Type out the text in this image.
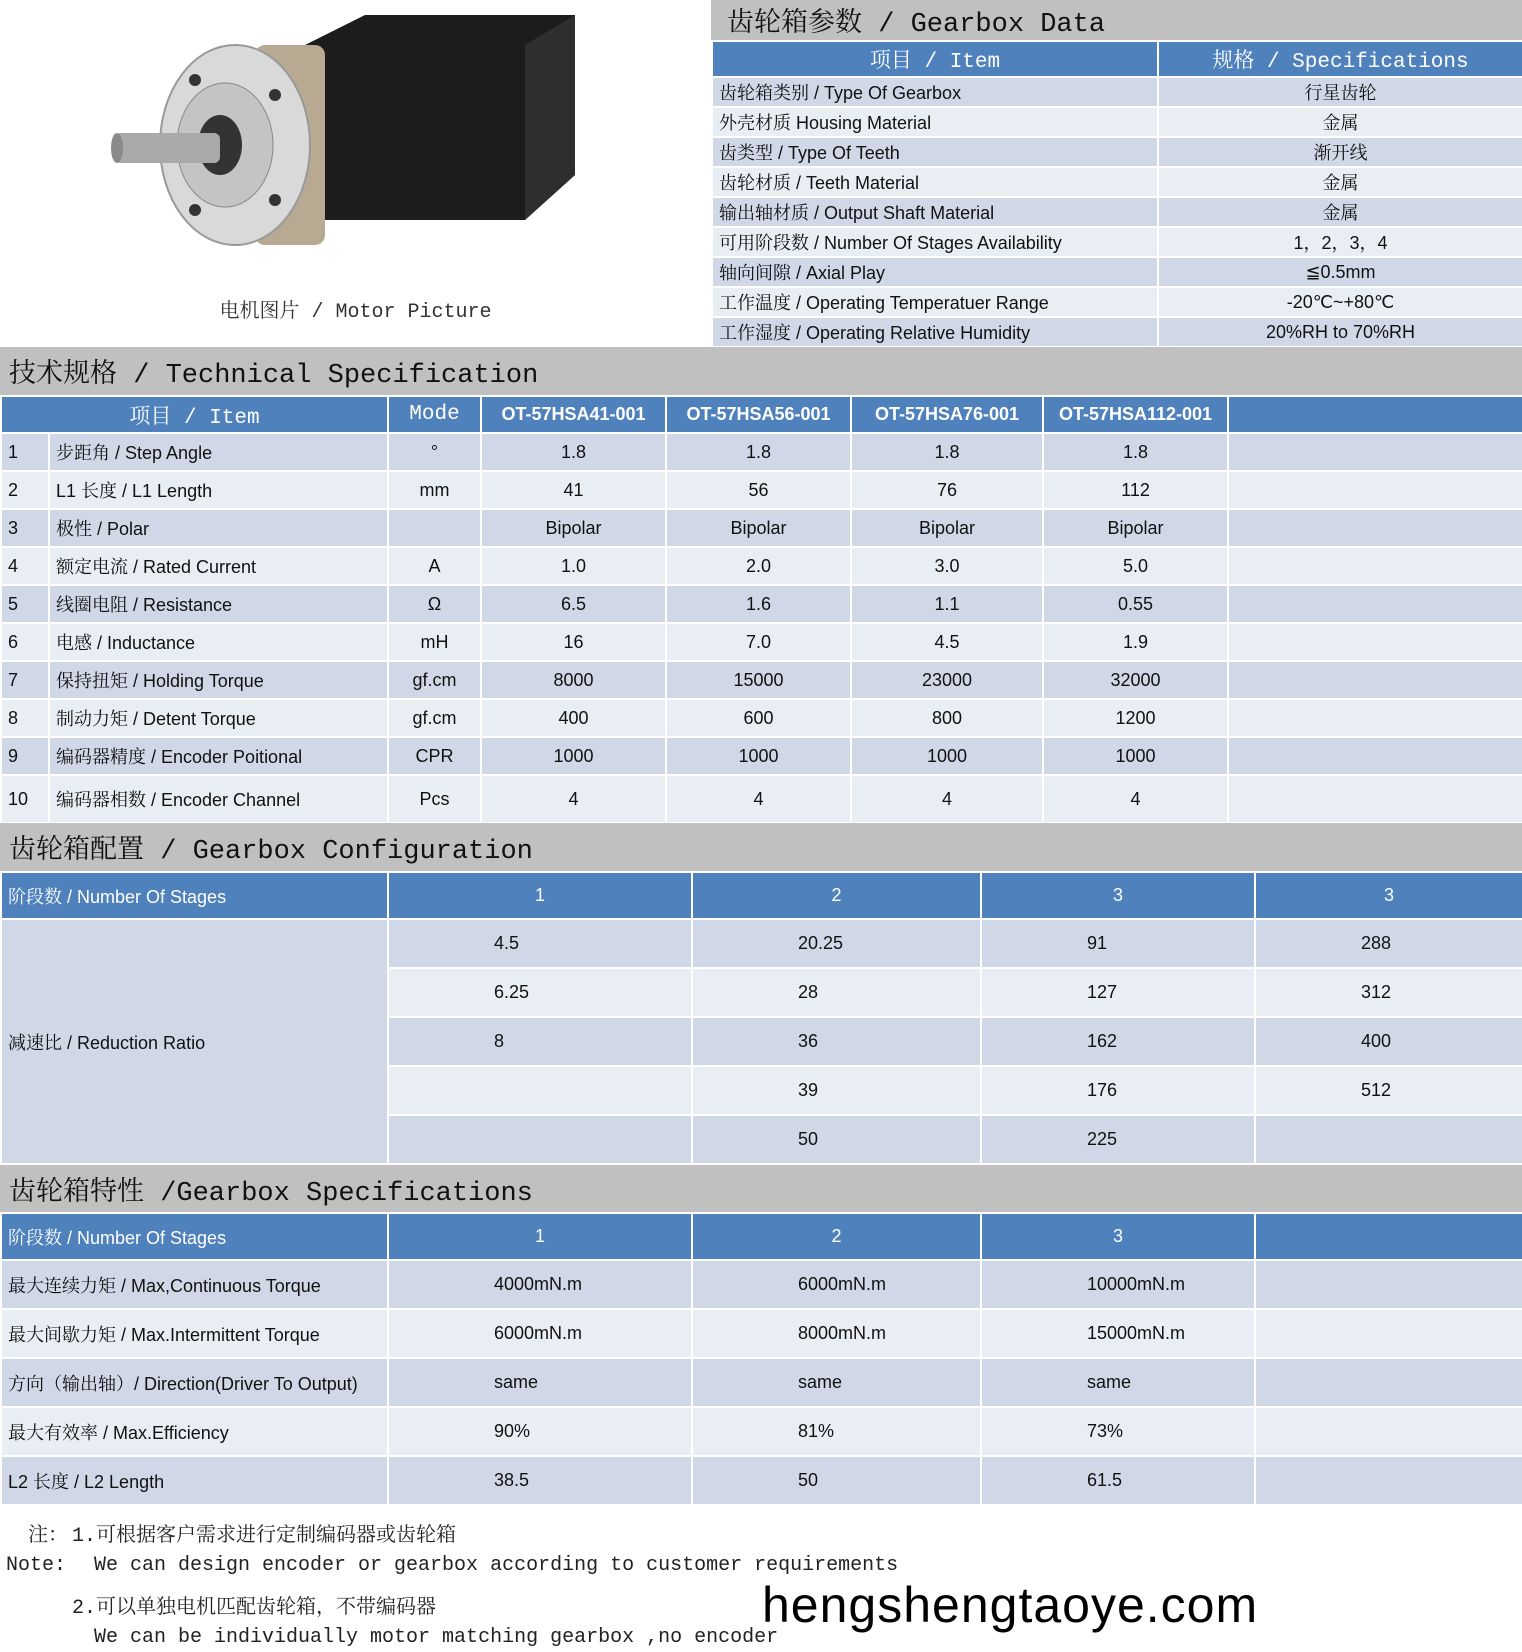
电机图片 / Motor Picture
齿轮箱参数 / Gearbox Data
项目 / Item	规格 / Specifications
齿轮箱类别 / Type Of Gearbox	行星齿轮
外壳材质 Housing Material	金属
齿类型 / Type Of Teeth	渐开线
齿轮材质 / Teeth Material	金属
输出轴材质 / Output Shaft Material	金属
可用阶段数 / Number Of Stages Availability	1，2，3，4
轴向间隙 / Axial Play	≦0.5mm
工作温度 / Operating Temperatuer Range	-20℃~+80℃
工作湿度 / Operating Relative Humidity	20%RH to 70%RH
技术规格 / Technical Specification
项目 / Item		Mode	OT-57HSA41-001	OT-57HSA56-001	OT-57HSA76-001	OT-57HSA112-001	
1	步距角 / Step Angle	°	1.8	1.8	1.8	1.8	
2	L1 长度 / L1 Length	mm	41	56	76	112	
3	极性 / Polar		Bipolar	Bipolar	Bipolar	Bipolar	
4	额定电流 / Rated Current	A	1.0	2.0	3.0	5.0	
5	线圈电阻 / Resistance	Ω	6.5	1.6	1.1	0.55	
6	电感 / Inductance	mH	16	7.0	4.5	1.9	
7	保持扭矩 / Holding Torque	gf.cm	8000	15000	23000	32000	
8	制动力矩 / Detent Torque	gf.cm	400	600	800	1200	
9	编码器精度 / Encoder Poitional	CPR	1000	1000	1000	1000	
10	编码器相数 / Encoder Channel	Pcs	4	4	4	4	
齿轮箱配置 / Gearbox Configuration
阶段数 / Number Of Stages	1	2	3	3
减速比 / Reduction Ratio	4.5	20.25	91	288
	6.25	28	127	312
	8	36	162	400
		39	176	512
		50	225	
齿轮箱特性 /Gearbox Specifications
阶段数 / Number Of Stages	1	2	3	
最大连续力矩 / Max,Continuous Torque	4000mN.m	6000mN.m	10000mN.m	
最大间歇力矩 / Max.Intermittent Torque	6000mN.m	8000mN.m	15000mN.m	
方向（输出轴）/ Direction(Driver To Output)	same	same	same	
最大有效率 / Max.Efficiency	90%	81%	73%	
L2 长度 / L2 Length	38.5	50	61.5	
注： 1.可根据客户需求进行定制编码器或齿轮箱
Note: We can design encoder or gearbox according to customer requirements
2.可以单独电机匹配齿轮箱，不带编码器
We can be individually motor matching gearbox ,no encoder
hengshengtaoye.com
